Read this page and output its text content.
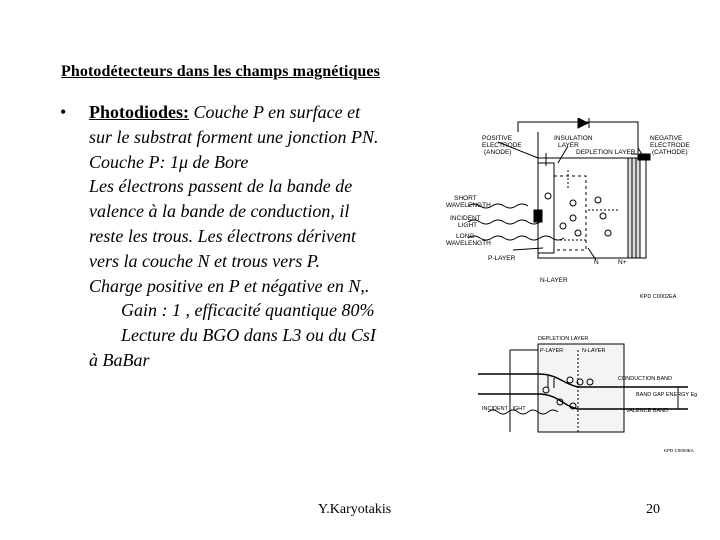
Photodétecteurs dans les champs magnétiques
• Photodiodes: Couche P en surface et
sur le substrat forment une jonction PN.
Couche P: 1μ de Bore
Les électrons passent de la bande de
valence à la bande de conduction, il
reste les trous. Les électrons dérivent
vers la couche N et trous vers P.
Charge positive en P et négative en N,.
Gain : 1 , efficacité quantique 80%
Lecture du BGO dans L3 ou du CsI
à BaBar
POSITIVE
ELECTRODE
(ANODE)
INSULATION
LAYER
DEPLETION LAYER
NEGATIVE
ELECTRODE
(CATHODE)
SHORT
WAVELENGTH
INCIDENT
LIGHT
LONG
WAVELENGTH
P-LAYER
N	N+
N-LAYER
KPD C0002EA
DEPLETION LAYER
P-LAYER	N-LAYER
CONDUCTION BAND
BAND GAP ENERGY Eg
VALENCE BAND
INCIDENT LIGHT
KPD C0003EA
Y.Karyotakis	20
